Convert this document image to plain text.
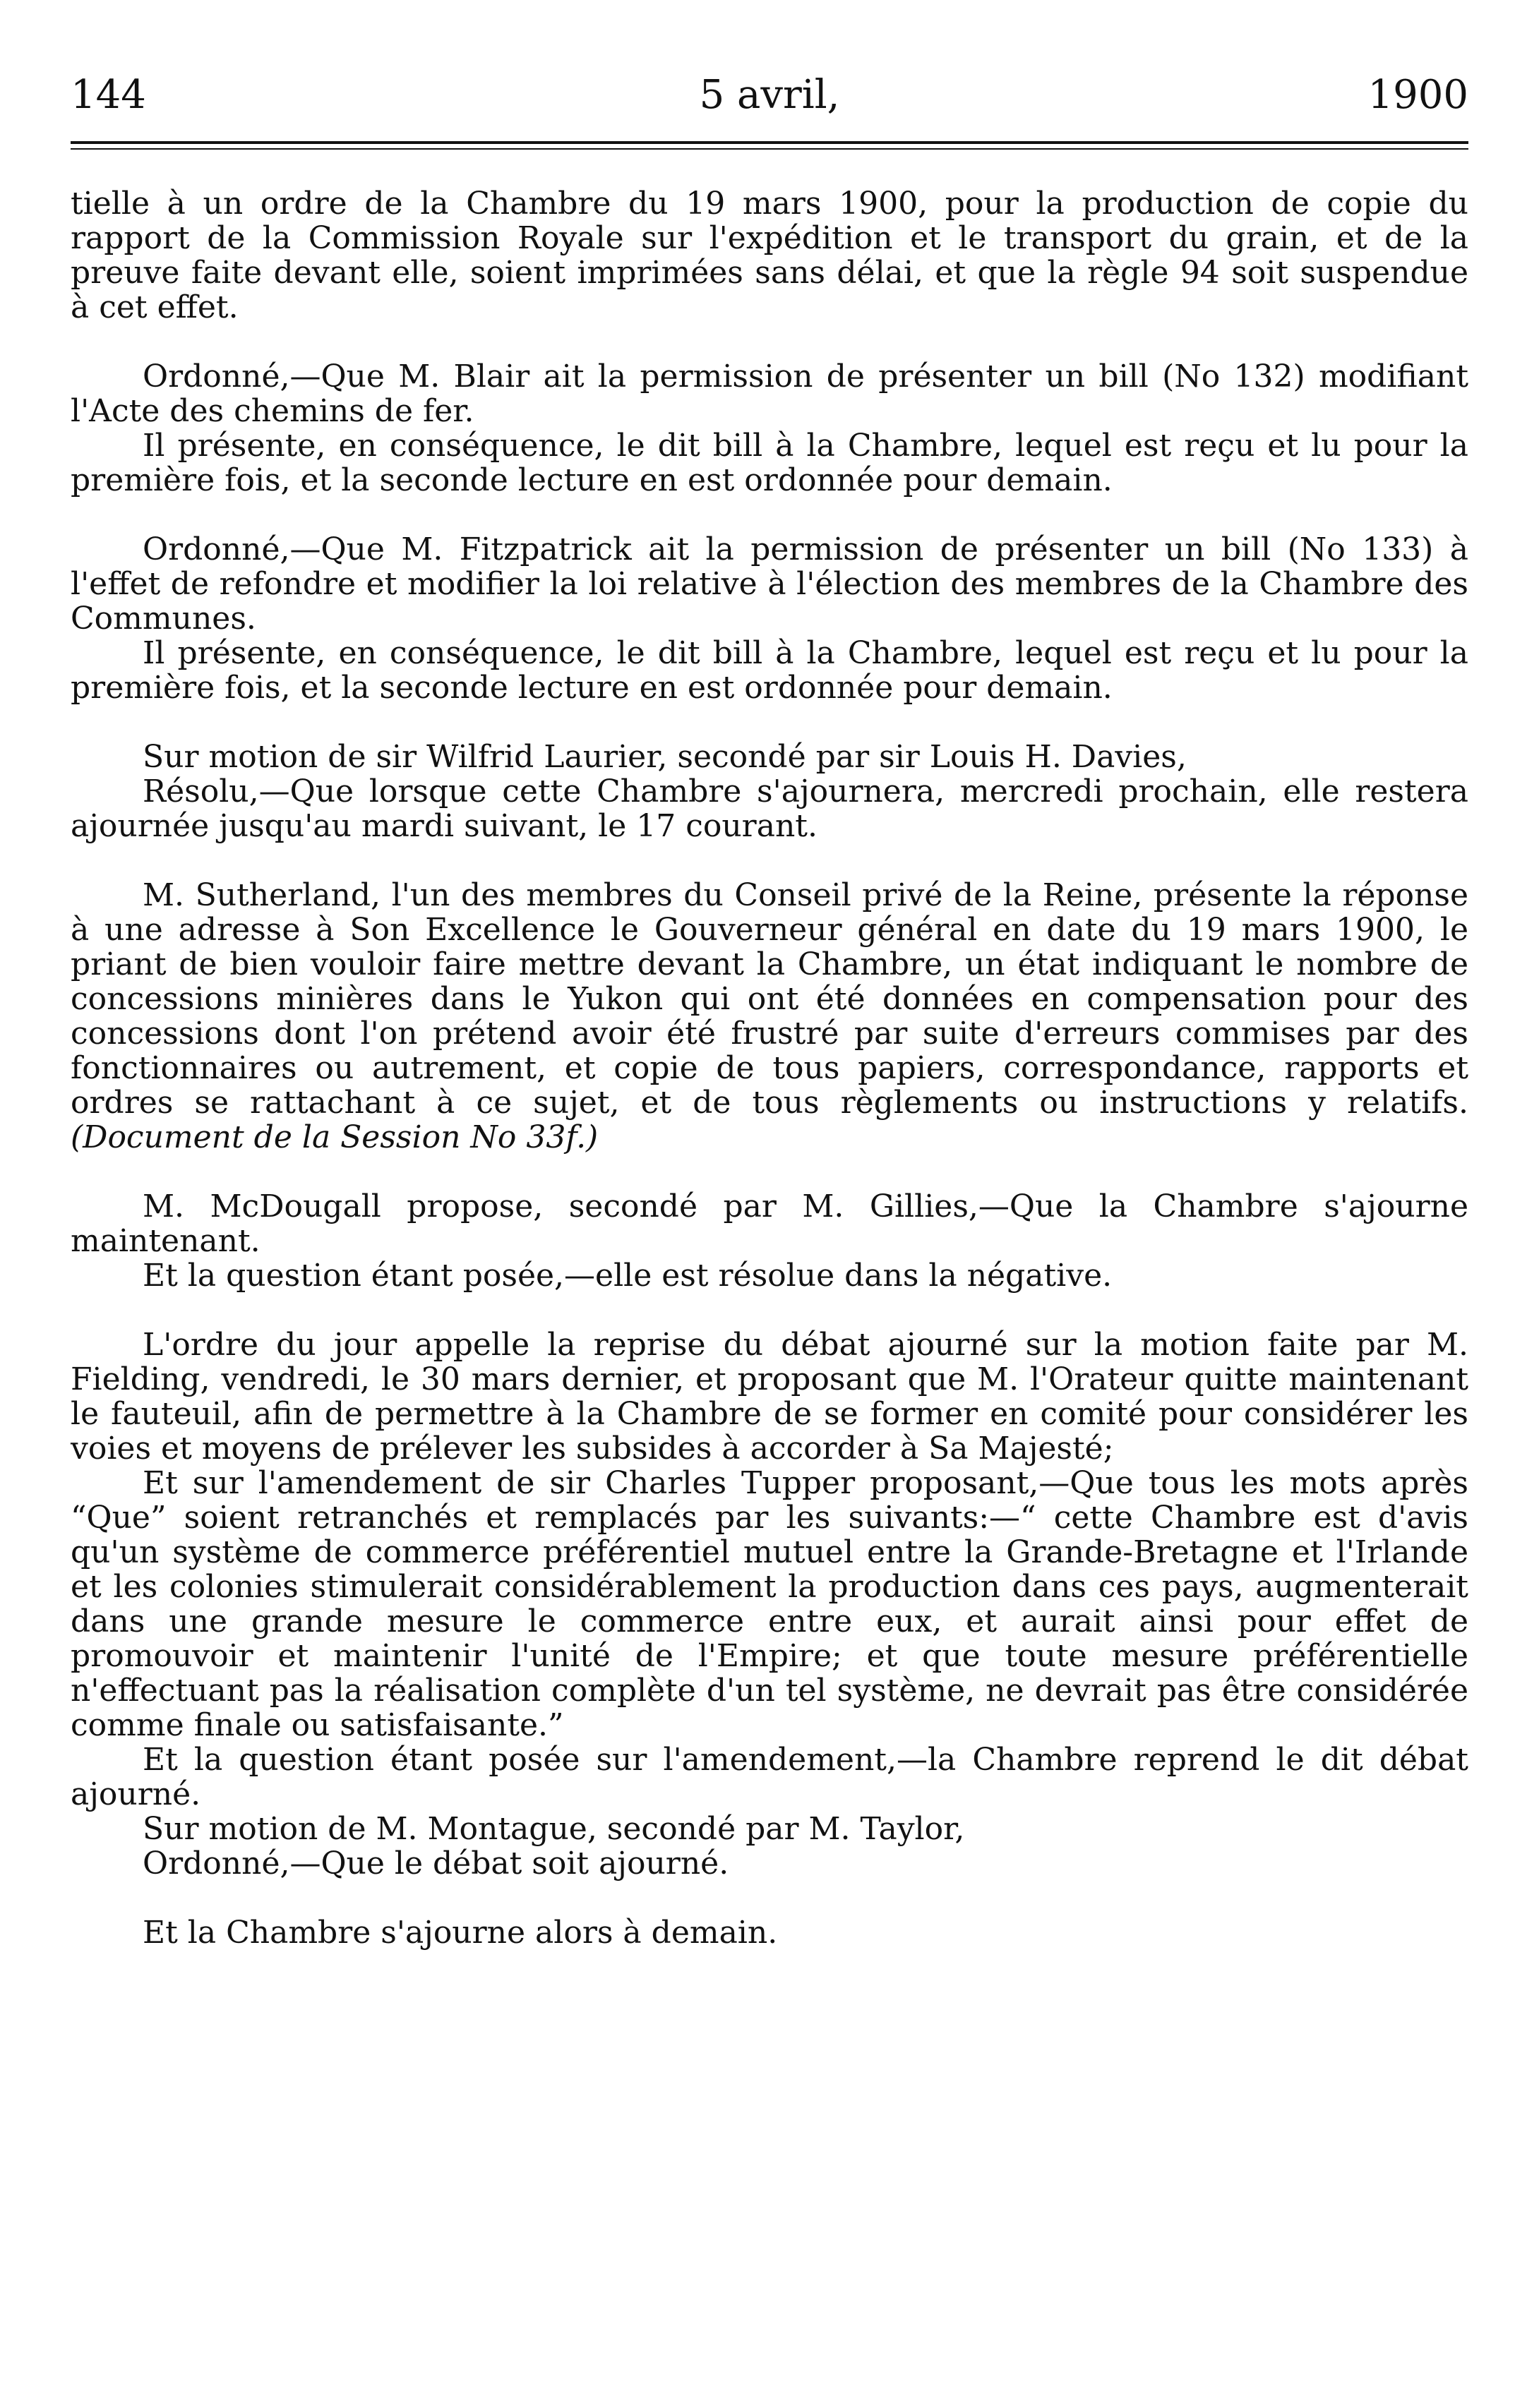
144	5 avril,	1900

tielle à un ordre de la Chambre du 19 mars 1900, pour la production de copie du rapport de la Commission Royale sur l'expédition et le transport du grain, et de la preuve faite devant elle, soient imprimées sans délai, et que la règle 94 soit suspendue à cet effet.

Ordonné,—Que M. Blair ait la permission de présenter un bill (No 132) modifiant l'Acte des chemins de fer.

Il présente, en conséquence, le dit bill à la Chambre, lequel est reçu et lu pour la première fois, et la seconde lecture en est ordonnée pour demain.

Ordonné,—Que M. Fitzpatrick ait la permission de présenter un bill (No 133) à l'effet de refondre et modifier la loi relative à l'élection des membres de la Chambre des Communes.

Il présente, en conséquence, le dit bill à la Chambre, lequel est reçu et lu pour la première fois, et la seconde lecture en est ordonnée pour demain.

Sur motion de sir Wilfrid Laurier, secondé par sir Louis H. Davies,

Résolu,—Que lorsque cette Chambre s'ajournera, mercredi prochain, elle restera ajournée jusqu'au mardi suivant, le 17 courant.

M. Sutherland, l'un des membres du Conseil privé de la Reine, présente la réponse à une adresse à Son Excellence le Gouverneur général en date du 19 mars 1900, le priant de bien vouloir faire mettre devant la Chambre, un état indiquant le nombre de concessions minières dans le Yukon qui ont été données en compensation pour des concessions dont l'on prétend avoir été frustré par suite d'erreurs commises par des fonctionnaires ou autrement, et copie de tous papiers, correspondance, rapports et ordres se rattachant à ce sujet, et de tous règlements ou instructions y relatifs. (Document de la Session No 33f.)

M. McDougall propose, secondé par M. Gillies,—Que la Chambre s'ajourne maintenant.

Et la question étant posée,—elle est résolue dans la négative.

L'ordre du jour appelle la reprise du débat ajourné sur la motion faite par M. Fielding, vendredi, le 30 mars dernier, et proposant que M. l'Orateur quitte maintenant le fauteuil, afin de permettre à la Chambre de se former en comité pour considérer les voies et moyens de prélever les subsides à accorder à Sa Majesté;

Et sur l'amendement de sir Charles Tupper proposant,—Que tous les mots après “Que” soient retranchés et remplacés par les suivants:—“ cette Chambre est d'avis qu'un système de commerce préférentiel mutuel entre la Grande-Bretagne et l'Irlande et les colonies stimulerait considérablement la production dans ces pays, augmenterait dans une grande mesure le commerce entre eux, et aurait ainsi pour effet de promouvoir et maintenir l'unité de l'Empire; et que toute mesure préférentielle n'effectuant pas la réalisation complète d'un tel système, ne devrait pas être considérée comme finale ou satisfaisante.”

Et la question étant posée sur l'amendement,—la Chambre reprend le dit débat ajourné.

Sur motion de M. Montague, secondé par M. Taylor,

Ordonné,—Que le débat soit ajourné.

Et la Chambre s'ajourne alors à demain.
